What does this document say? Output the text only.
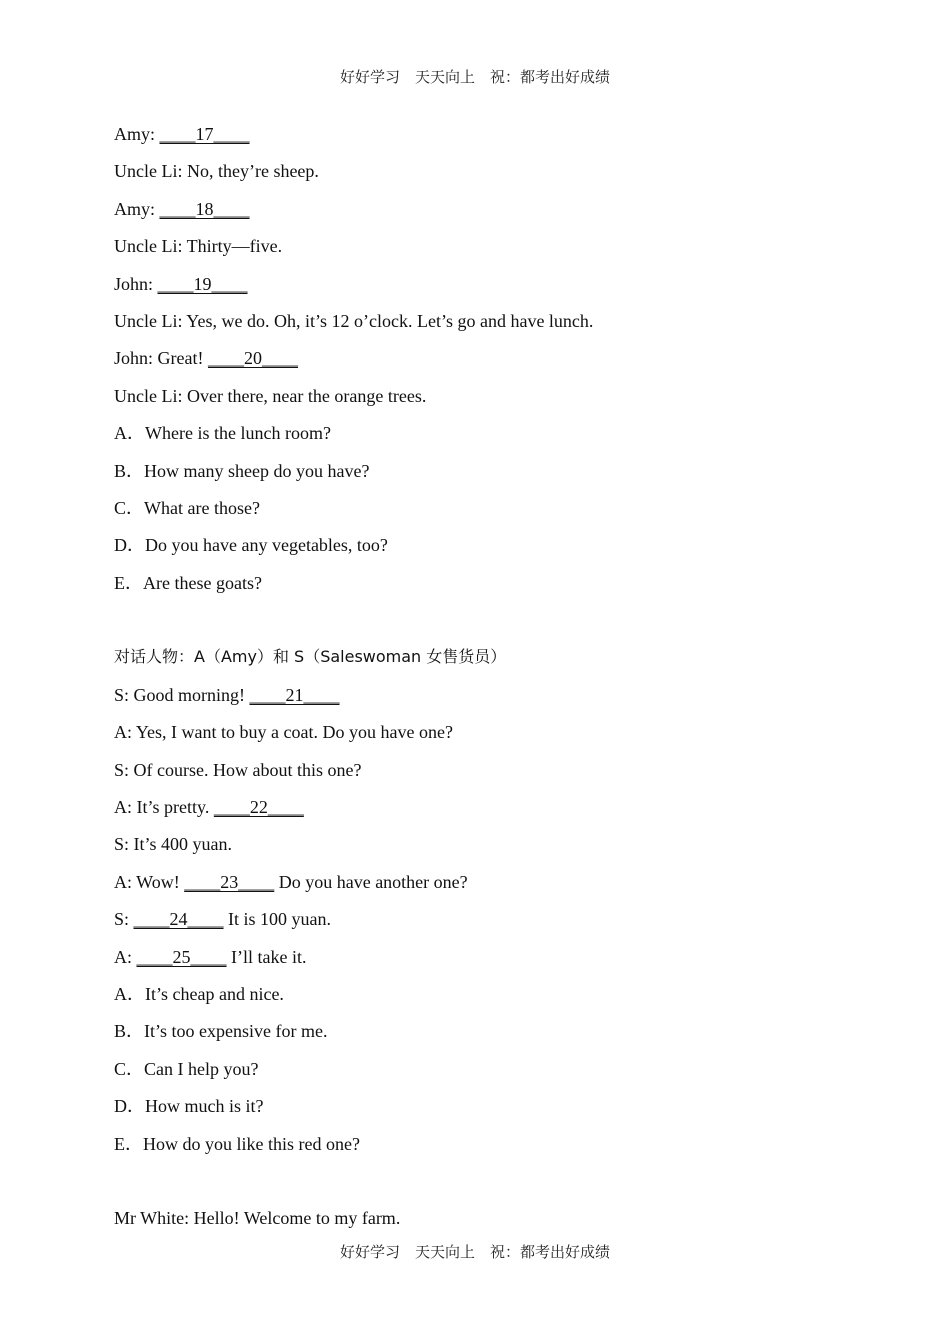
好好学习　天天向上　祝：都考出好成绩
Amy: ____17____
Uncle Li: No, they’re sheep.
Amy: ____18____
Uncle Li: Thirty—five.
John: ____19____
Uncle Li: Yes, we do. Oh, it’s 12 o’clock. Let’s go and have lunch.
John: Great! ____20____
Uncle Li: Over there, near the orange trees.
A．Where is the lunch room?
B．How many sheep do you have?
C．What are those?
D．Do you have any vegetables, too?
E．Are these goats?
对话人物：A（Amy）和 S（Saleswoman 女售货员）
S: Good morning! ____21____
A: Yes, I want to buy a coat. Do you have one?
S: Of course. How about this one?
A: It’s pretty. ____22____
S: It’s 400 yuan.
A: Wow! ____23____ Do you have another one?
S: ____24____ It is 100 yuan.
A: ____25____ I’ll take it.
A．It’s cheap and nice.
B．It’s too expensive for me.
C．Can I help you?
D．How much is it?
E．How do you like this red one?
Mr White: Hello! Welcome to my farm.
好好学习　天天向上　祝：都考出好成绩
